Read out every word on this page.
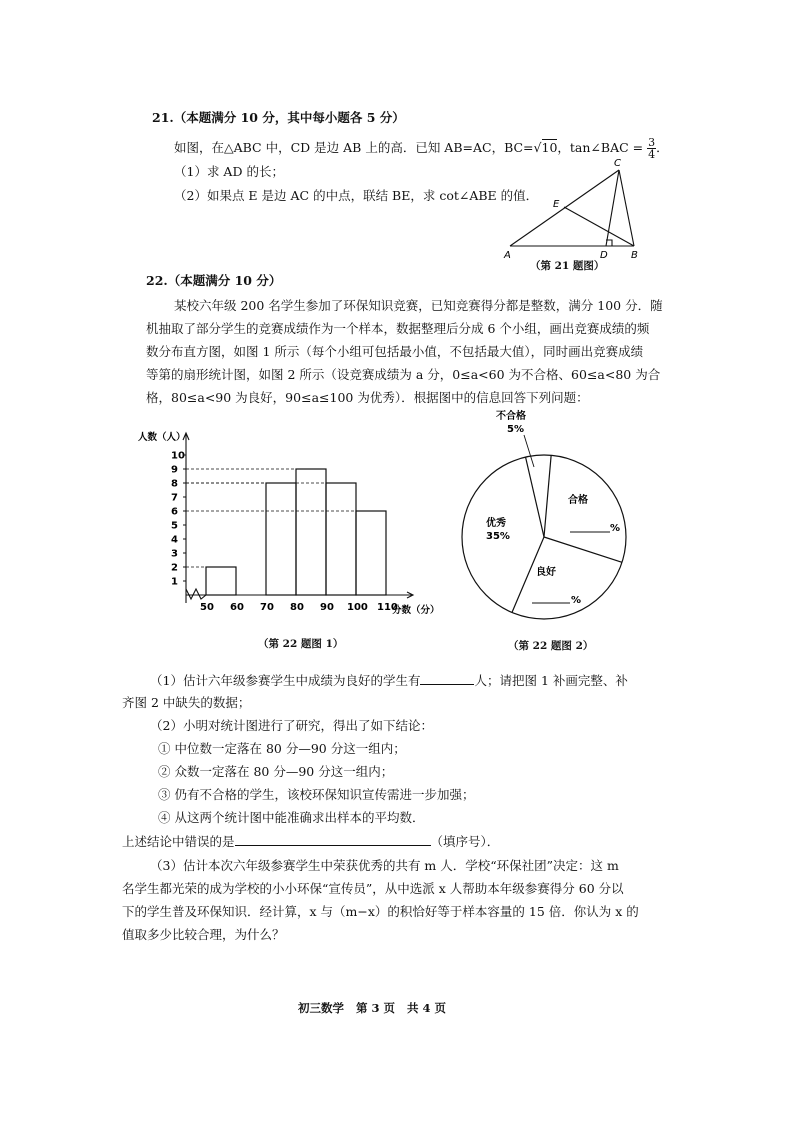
21.（本题满分 10 分，其中每小题各 5 分）
如图，在△ABC 中，CD 是边 AB 上的高．已知 AB=AC，BC=√10，tan∠BAC = $\frac{3}{4}$ ．
（1）求 AD 的长；
（2）如果点 E 是边 AC 的中点，联结 BE，求 cot∠ABE 的值．
A	B
C
D
E
（第 21 题图）
22.（本题满分 10 分）
某校六年级 200 名学生参加了环保知识竞赛，已知竞赛得分都是整数，满分 100 分．随
机抽取了部分学生的竞赛成绩作为一个样本，数据整理后分成 6 个小组，画出竞赛成绩的频
数分布直方图，如图 1 所示（每个小组可包括最小值，不包括最大值），同时画出竞赛成绩
等第的扇形统计图，如图 2 所示（设竞赛成绩为 a 分，0≤a<60 为不合格、60≤a<80 为合
格，80≤a<90 为良好，90≤a≤100 为优秀）．根据图中的信息回答下列问题：
人数（人）
分数（分）
1
2
3
4
5
6
7
8
9
10
50 60 70 80 90 100 110
（第 22 题图 1）
不合格
5%
合格
%
优秀
35%
良好
%
（第 22 题图 2）
（1）估计六年级参赛学生中成绩为良好的学生有	人；请把图 1 补画完整、补
齐图 2 中缺失的数据；
（2）小明对统计图进行了研究，得出了如下结论：
① 中位数一定落在 80 分—90 分这一组内；
② 众数一定落在 80 分—90 分这一组内；
③ 仍有不合格的学生，该校环保知识宣传需进一步加强；
④ 从这两个统计图中能准确求出样本的平均数．
上述结论中错误的是	（填序号）．
（3）估计本次六年级参赛学生中荣获优秀的共有 m 人．学校“环保社团”决定：这 m
名学生都光荣的成为学校的小小环保“宣传员”，从中选派 x 人帮助本年级参赛得分 60 分以
下的学生普及环保知识．经计算，x 与（m−x）的积恰好等于样本容量的 15 倍．你认为 x 的
值取多少比较合理，为什么？
初三数学   第 3 页   共 4 页
